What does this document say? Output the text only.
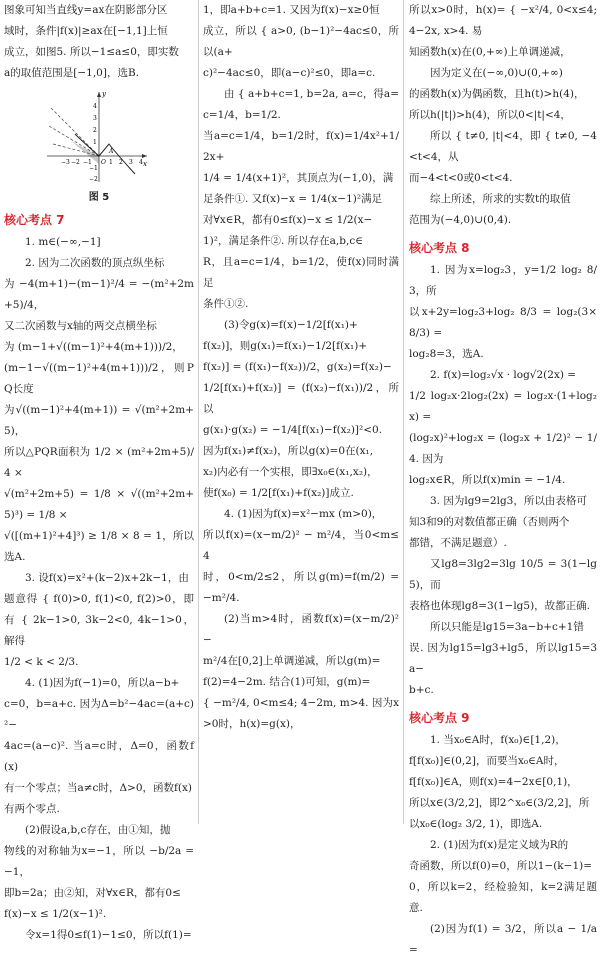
图象可知当直线y=ax在阴影部分区

域时，条件|f(x)|≥ax在[−1,1]上恒

成立，如图5. 所以−1≤a≤0，即实数

a的取值范围是[−1,0]，选B.

x
y
O
A
−3 −2 −1	1 2 3 4
4
3
2
1
−1
−2
图 5
核心考点 7

1. m∈(−∞,−1]

2. 因为二次函数的顶点纵坐标

为 −4(m+1)−(m−1)²/4 = −(m²+2m+5)/4，

又二次函数与x轴的两交点横坐标

为 (m−1+√((m−1)²+4(m+1)))/2，

(m−1−√((m−1)²+4(m+1)))/2，则PQ长度

为√((m−1)²+4(m+1)) = √(m²+2m+5)，

所以△PQR面积为 1/2 × (m²+2m+5)/4 ×

√(m²+2m+5) = 1/8 × √((m²+2m+5)³) = 1/8 ×

√([(m+1)²+4]³) ≥ 1/8 × 8 = 1，所以选A.

3. 设f(x)=x²+(k−2)x+2k−1，由

题意得 { f(0)>0, f(1)<0, f(2)>0，即有 { 2k−1>0, 3k−2<0, 4k−1>0，解得

1/2 < k < 2/3.

4. (1)因为f(−1)=0，所以a−b+

c=0，b=a+c. 因为Δ=b²−4ac=(a+c)²−

4ac=(a−c)². 当a=c时，Δ=0，函数f(x)

有一个零点；当a≠c时，Δ>0，函数f(x)

有两个零点.

(2)假设a,b,c存在，由①知，抛

物线的对称轴为x=−1，所以 −b/2a = −1，

即b=2a；由②知，对∀x∈R，都有0≤

f(x)−x ≤ 1/2(x−1)².

令x=1得0≤f(1)−1≤0，所以f(1)=

1，即a+b+c=1. 又因为f(x)−x≥0恒

成立，所以 { a>0, (b−1)²−4ac≤0，所以(a+

c)²−4ac≤0，即(a−c)²≤0，即a=c.

由 { a+b+c=1, b=2a, a=c，得a=c=1/4，b=1/2.

当a=c=1/4，b=1/2时，f(x)=1/4x²+1/2x+

1/4 = 1/4(x+1)²，其顶点为(−1,0)，满

足条件①. 又f(x)−x = 1/4(x−1)²满足

对∀x∈R，都有0≤f(x)−x ≤ 1/2(x−

1)²，满足条件②. 所以存在a,b,c∈

R，且a=c=1/4，b=1/2，使f(x)同时满足

条件①②.

(3)令g(x)=f(x)−1/2[f(x₁)+

f(x₂)]，则g(x₁)=f(x₁)−1/2[f(x₁)+

f(x₂)] = (f(x₁)−f(x₂))/2，g(x₂)=f(x₂)−

1/2[f(x₁)+f(x₂)] = (f(x₂)−f(x₁))/2，所以

g(x₁)·g(x₂) = −1/4[f(x₁)−f(x₂)]²<0.

因为f(x₁)≠f(x₂)，所以g(x)=0在(x₁,

x₂)内必有一个实根，即∃x₀∈(x₁,x₂)，

使f(x₀) = 1/2[f(x₁)+f(x₂)]成立.

4. (1)因为f(x)=x²−mx (m>0)，

所以f(x)=(x−m/2)² − m²/4，当0<m≤4

时，0<m/2≤2，所以g(m)=f(m/2) = −m²/4.

(2)当m>4时，函数f(x)=(x−m/2)²−

m²/4在[0,2]上单调递减，所以g(m)=

f(2)=4−2m. 结合(1)可知，g(m)=

{ −m²/4, 0<m≤4; 4−2m, m>4. 因为x>0时，h(x)=g(x)，

所以x>0时，h(x)= { −x²/4, 0<x≤4; 4−2x, x>4. 易

知函数h(x)在(0,+∞)上单调递减，

因为定义在(−∞,0)∪(0,+∞)

的函数h(x)为偶函数，且h(t)>h(4)，

所以h(|t|)>h(4)，所以0<|t|<4，

所以 { t≠0, |t|<4，即 { t≠0, −4<t<4，从

而−4<t<0或0<t<4.

综上所述，所求的实数t的取值

范围为(−4,0)∪(0,4).

核心考点 8

1. 因为x=log₂3，y=1/2 log₂ 8/3，所

以x+2y=log₂3+log₂ 8/3 = log₂(3×8/3) =

log₂8=3，选A.

2. f(x)=log₂√x · log√2(2x) =

1/2 log₂x·2log₂(2x) = log₂x·(1+log₂x) =

(log₂x)²+log₂x = (log₂x + 1/2)² − 1/4. 因为

log₂x∈R，所以f(x)min = −1/4.

3. 因为lg9=2lg3，所以由表格可

知3和9的对数值都正确（否则两个

都错，不满足题意）.

又lg8=3lg2=3lg 10/5 = 3(1−lg5)，而

表格也体现lg8=3(1−lg5)，故都正确.

所以只能是lg15=3a−b+c+1错

误. 因为lg15=lg3+lg5，所以lg15=3a−

b+c.

核心考点 9

1. 当x₀∈A时，f(x₀)∈[1,2)，

f[f(x₀)]∈(0,2]，而要当x₀∈A时，

f[f(x₀)]∈A，则f(x)=4−2x∈[0,1)，

所以x∈(3/2,2]，即2^x₀∈(3/2,2]，所

以x₀∈(log₂ 3/2, 1)，即选A.

2. (1)因为f(x)是定义域为R的

奇函数，所以f(0)=0，所以1−(k−1)=

0，所以k=2，经检验知，k=2满足题意.

(2)因为f(1) = 3/2，所以a − 1/a =
